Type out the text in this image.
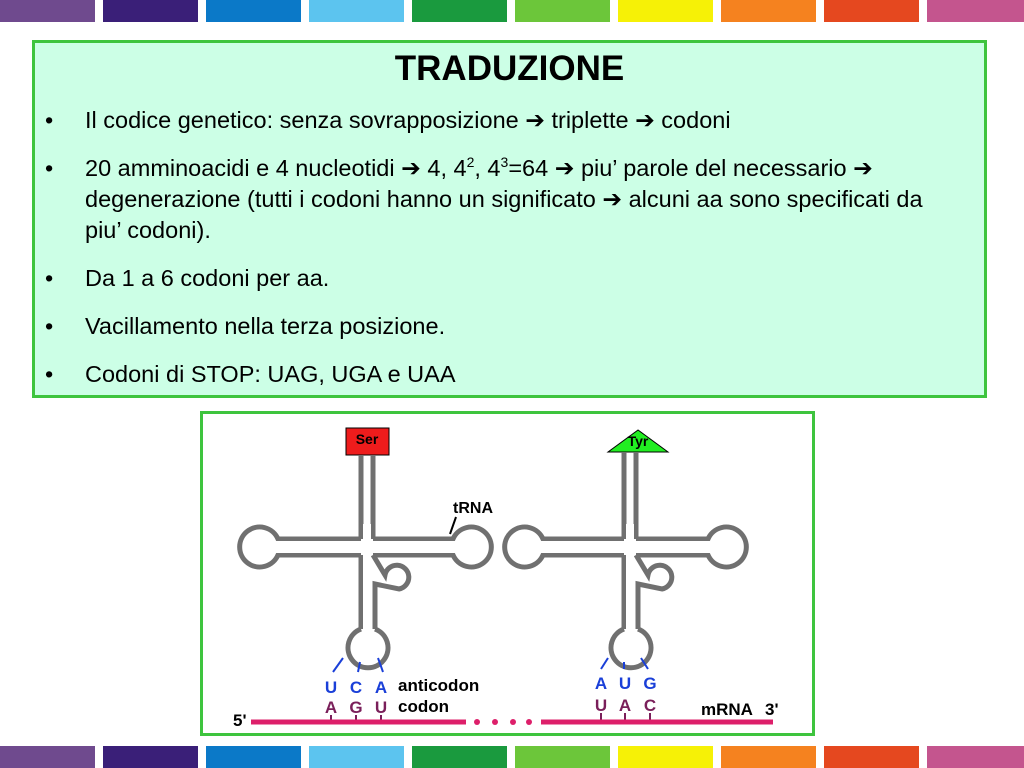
TRADUZIONE
• Il codice genetico: senza sovrapposizione ➔ triplette ➔ codoni
• 20 amminoacidi e 4 nucleotidi ➔ 4, $4^2$, $4^3=64$ ➔ piu’ parole del necessario ➔ degenerazione (tutti i codoni hanno un significato ➔ alcuni aa sono specificati da piu’ codoni).
• Da 1 a 6 codoni per aa.
• Vacillamento nella terza posizione.
• Codoni di STOP: UAG, UGA e UAA
Ser
U C A
A G U
tRNA
anticodon
codon
Tyr
A U G
U A C
5'
mRNA 3'
